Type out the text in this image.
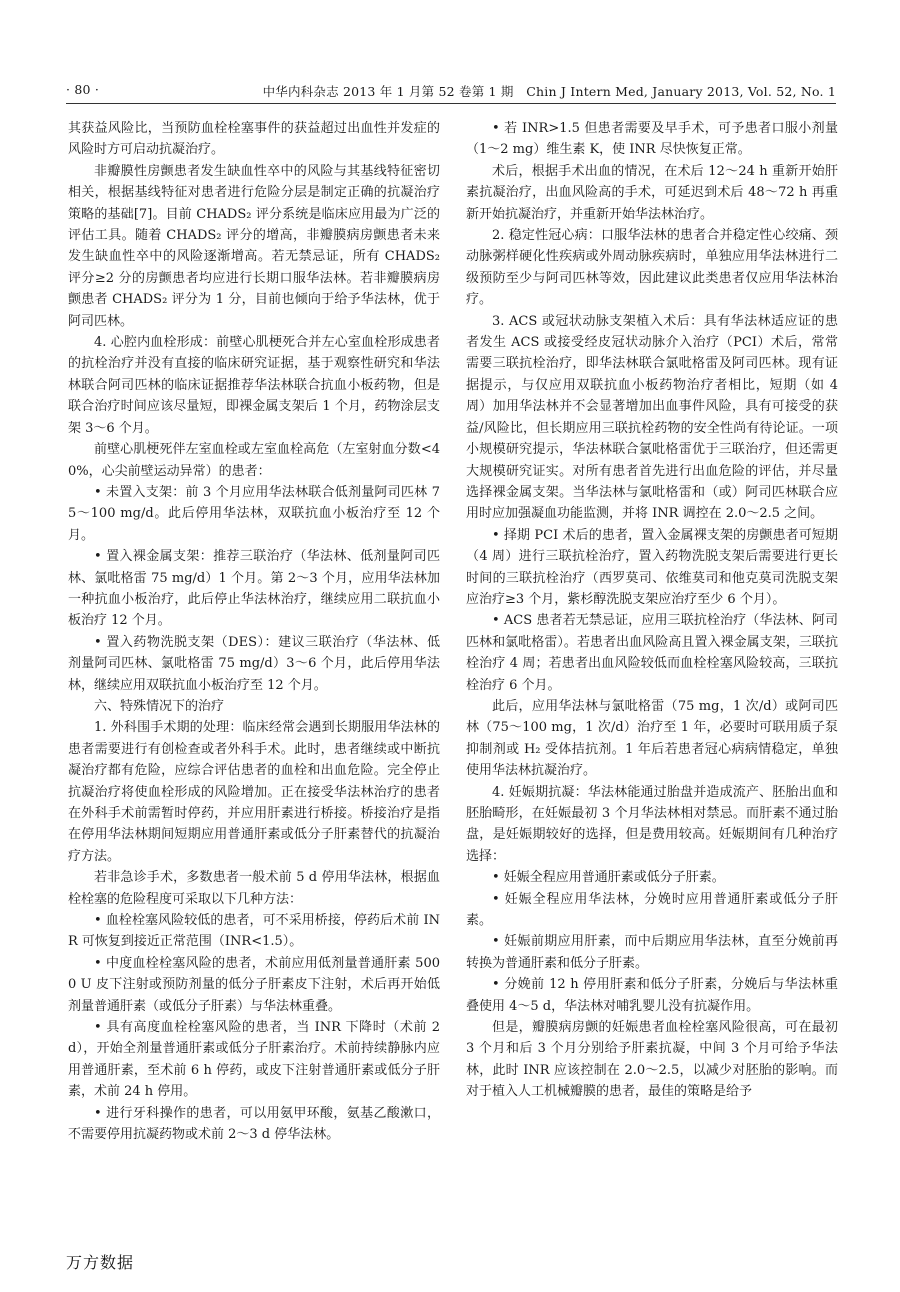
· 80 ·	中华内科杂志 2013 年 1 月第 52 卷第 1 期　Chin J Intern Med, January 2013, Vol. 52, No. 1

其获益风险比，当预防血栓栓塞事件的获益超过出血性并发症的风险时方可启动抗凝治疗。

非瓣膜性房颤患者发生缺血性卒中的风险与其基线特征密切相关，根据基线特征对患者进行危险分层是制定正确的抗凝治疗策略的基础[7]。目前 CHADS₂ 评分系统是临床应用最为广泛的评估工具。随着 CHADS₂ 评分的增高，非瓣膜病房颤患者未来发生缺血性卒中的风险逐渐增高。若无禁忌证，所有 CHADS₂ 评分≥2 分的房颤患者均应进行长期口服华法林。若非瓣膜病房颤患者 CHADS₂ 评分为 1 分，目前也倾向于给予华法林，优于阿司匹林。

4. 心腔内血栓形成：前壁心肌梗死合并左心室血栓形成患者的抗栓治疗并没有直接的临床研究证据，基于观察性研究和华法林联合阿司匹林的临床证据推荐华法林联合抗血小板药物，但是联合治疗时间应该尽量短，即裸金属支架后 1 个月，药物涂层支架 3～6 个月。

前壁心肌梗死伴左室血栓或左室血栓高危（左室射血分数<40%，心尖前壁运动异常）的患者：

• 未置入支架：前 3 个月应用华法林联合低剂量阿司匹林 75～100 mg/d。此后停用华法林，双联抗血小板治疗至 12 个月。

• 置入裸金属支架：推荐三联治疗（华法林、低剂量阿司匹林、氯吡格雷 75 mg/d）1 个月。第 2～3 个月，应用华法林加一种抗血小板治疗，此后停止华法林治疗，继续应用二联抗血小板治疗 12 个月。

• 置入药物洗脱支架（DES）：建议三联治疗（华法林、低剂量阿司匹林、氯吡格雷 75 mg/d）3～6 个月，此后停用华法林，继续应用双联抗血小板治疗至 12 个月。

六、特殊情况下的治疗

1. 外科围手术期的处理：临床经常会遇到长期服用华法林的患者需要进行有创检查或者外科手术。此时，患者继续或中断抗凝治疗都有危险，应综合评估患者的血栓和出血危险。完全停止抗凝治疗将使血栓形成的风险增加。正在接受华法林治疗的患者在外科手术前需暂时停药，并应用肝素进行桥接。桥接治疗是指在停用华法林期间短期应用普通肝素或低分子肝素替代的抗凝治疗方法。

若非急诊手术，多数患者一般术前 5 d 停用华法林，根据血栓栓塞的危险程度可采取以下几种方法：

• 血栓栓塞风险较低的患者，可不采用桥接，停药后术前 INR 可恢复到接近正常范围（INR<1.5）。

• 中度血栓栓塞风险的患者，术前应用低剂量普通肝素 5000 U 皮下注射或预防剂量的低分子肝素皮下注射，术后再开始低剂量普通肝素（或低分子肝素）与华法林重叠。

• 具有高度血栓栓塞风险的患者，当 INR 下降时（术前 2 d），开始全剂量普通肝素或低分子肝素治疗。术前持续静脉内应用普通肝素，至术前 6 h 停药，或皮下注射普通肝素或低分子肝素，术前 24 h 停用。

• 进行牙科操作的患者，可以用氨甲环酸，氨基乙酸漱口，不需要停用抗凝药物或术前 2～3 d 停华法林。

• 若 INR>1.5 但患者需要及早手术，可予患者口服小剂量（1～2 mg）维生素 K，使 INR 尽快恢复正常。

术后，根据手术出血的情况，在术后 12～24 h 重新开始肝素抗凝治疗，出血风险高的手术，可延迟到术后 48～72 h 再重新开始抗凝治疗，并重新开始华法林治疗。

2. 稳定性冠心病：口服华法林的患者合并稳定性心绞痛、颈动脉粥样硬化性疾病或外周动脉疾病时，单独应用华法林进行二级预防至少与阿司匹林等效，因此建议此类患者仅应用华法林治疗。

3. ACS 或冠状动脉支架植入术后：具有华法林适应证的患者发生 ACS 或接受经皮冠状动脉介入治疗（PCI）术后，常常需要三联抗栓治疗，即华法林联合氯吡格雷及阿司匹林。现有证据提示，与仅应用双联抗血小板药物治疗者相比，短期（如 4 周）加用华法林并不会显著增加出血事件风险，具有可接受的获益/风险比，但长期应用三联抗栓药物的安全性尚有待论证。一项小规模研究提示，华法林联合氯吡格雷优于三联治疗，但还需更大规模研究证实。对所有患者首先进行出血危险的评估，并尽量选择裸金属支架。当华法林与氯吡格雷和（或）阿司匹林联合应用时应加强凝血功能监测，并将 INR 调控在 2.0～2.5 之间。

• 择期 PCI 术后的患者，置入金属裸支架的房颤患者可短期（4 周）进行三联抗栓治疗，置入药物洗脱支架后需要进行更长时间的三联抗栓治疗（西罗莫司、依维莫司和他克莫司洗脱支架应治疗≥3 个月，紫杉醇洗脱支架应治疗至少 6 个月）。

• ACS 患者若无禁忌证，应用三联抗栓治疗（华法林、阿司匹林和氯吡格雷）。若患者出血风险高且置入裸金属支架，三联抗栓治疗 4 周；若患者出血风险较低而血栓栓塞风险较高，三联抗栓治疗 6 个月。

此后，应用华法林与氯吡格雷（75 mg，1 次/d）或阿司匹林（75～100 mg，1 次/d）治疗至 1 年，必要时可联用质子泵抑制剂或 H₂ 受体拮抗剂。1 年后若患者冠心病病情稳定，单独使用华法林抗凝治疗。

4. 妊娠期抗凝：华法林能通过胎盘并造成流产、胚胎出血和胚胎畸形，在妊娠最初 3 个月华法林相对禁忌。而肝素不通过胎盘，是妊娠期较好的选择，但是费用较高。妊娠期间有几种治疗选择：

• 妊娠全程应用普通肝素或低分子肝素。

• 妊娠全程应用华法林，分娩时应用普通肝素或低分子肝素。

• 妊娠前期应用肝素，而中后期应用华法林，直至分娩前再转换为普通肝素和低分子肝素。

• 分娩前 12 h 停用肝素和低分子肝素，分娩后与华法林重叠使用 4～5 d，华法林对哺乳婴儿没有抗凝作用。

但是，瓣膜病房颤的妊娠患者血栓栓塞风险很高，可在最初 3 个月和后 3 个月分别给予肝素抗凝，中间 3 个月可给予华法林，此时 INR 应该控制在 2.0～2.5，以减少对胚胎的影响。而对于植入人工机械瓣膜的患者，最佳的策略是给予

万方数据
